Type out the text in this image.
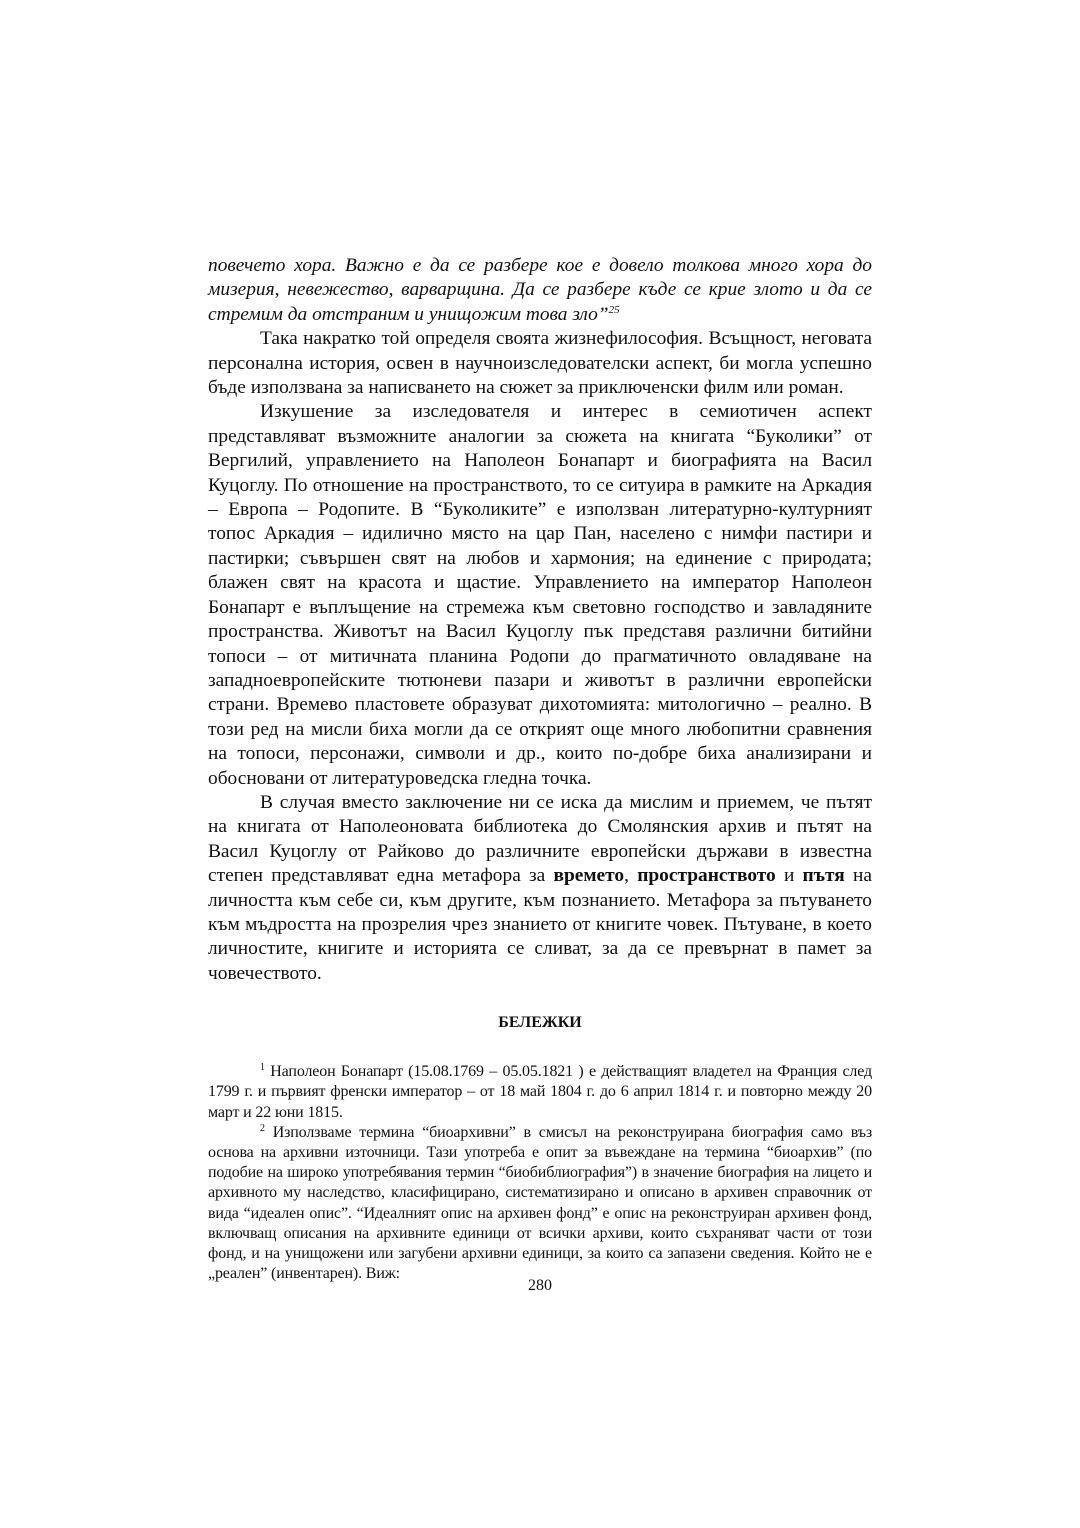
повечето хора. Важно е да се разбере кое е довело толкова много хора до мизерия, невежество, варварщина. Да се разбере къде се крие злото и да се стремим да отстраним и унищожим това зло”$^{25}$

Така накратко той определя своята жизнефилософия. Всъщност, неговата персонална история, освен в научноизследователски аспект, би могла успешно бъде използвана за написването на сюжет за приключенски филм или роман.

Изкушение за изследователя и интерес в семиотичен аспект представляват възможните аналогии за сюжета на книгата “Буколики” от Вергилий, управлението на Наполеон Бонапарт и биографията на Васил Куцоглу. По отношение на пространството, то се ситуира в рамките на Аркадия – Европа – Родопите. В “Буколиките” е използван литературно-културният топос Аркадия – идилично място на цар Пан, населено с нимфи пастири и пастирки; съвършен свят на любов и хармония; на единение с природата; блажен свят на красота и щастие. Управлението на император Наполеон Бонапарт е въплъщение на стремежа към световно господство и завладяните пространства. Животът на Васил Куцоглу пък представя различни битийни топоси – от митичната планина Родопи до прагматичното овладяване на западноевропейските тютюневи пазари и животът в различни европейски страни. Времево пластовете образуват дихотомията: митологично – реално. В този ред на мисли биха могли да се открият още много любопитни сравнения на топоси, персонажи, символи и др., които по-добре биха анализирани и обосновани от литературоведска гледна точка.

В случая вместо заключение ни се иска да мислим и приемем, че пътят на книгата от Наполеоновата библиотека до Смолянския архив и пътят на Васил Куцоглу от Райково до различните европейски държави в известна степен представляват една метафора за времето, пространството и пътя на личността към себе си, към другите, към познанието. Метафора за пътуването към мъдростта на прозрелия чрез знанието от книгите човек. Пътуване, в което личностите, книгите и историята се сливат, за да се превърнат в памет за човечеството.

БЕЛЕЖКИ

$^1$ Наполеон Бонапарт (15.08.1769 – 05.05.1821 ) е действащият владетел на Франция след 1799 г. и първият френски император – от 18 май 1804 г. до 6 април 1814 г. и повторно между 20 март и 22 юни 1815.

$^2$ Използваме термина “биоархивни” в смисъл на реконструирана биография само въз основа на архивни източници. Тази употреба е опит за въвеждане на термина “биоархив” (по подобие на широко употребявания термин “биобиблиография”) в значение биография на лицето и архивното му наследство, класифицирано, систематизирано и описано в архивен справочник от вида “идеален опис”. “Идеалният опис на архивен фонд” е опис на реконструиран архивен фонд, включващ описания на архивните единици от всички архиви, които съхраняват части от този фонд, и на унищожени или загубени архивни единици, за които са запазени сведения. Който не е „реален” (инвентарен). Виж:

280
